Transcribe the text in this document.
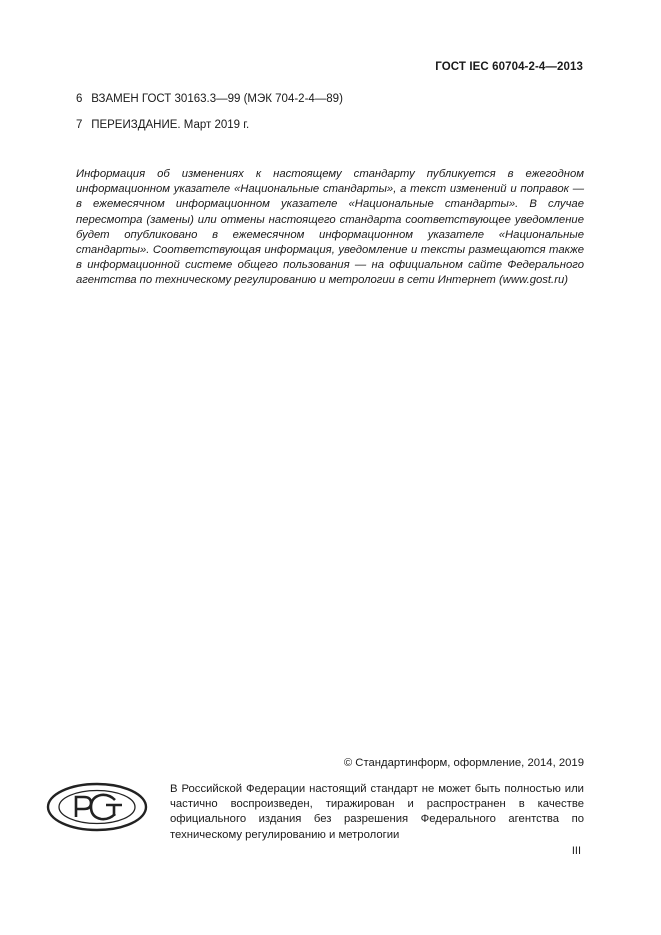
ГОСТ IEC 60704-2-4—2013
6 ВЗАМЕН ГОСТ 30163.3—99 (МЭК 704-2-4—89)
7 ПЕРЕИЗДАНИЕ. Март 2019 г.
Информация об изменениях к настоящему стандарту публикуется в ежегодном информационном указателе «Национальные стандарты», а текст изменений и поправок — в ежемесячном информационном указателе «Национальные стандарты». В случае пересмотра (замены) или отмены настоящего стандарта соответствующее уведомление будет опубликовано в ежемесячном информационном указателе «Национальные стандарты». Соответствующая информация, уведомление и тексты размещаются также в информационной системе общего пользования — на официальном сайте Федерального агентства по техническому регулированию и метрологии в сети Интернет (www.gost.ru)
© Стандартинформ, оформление, 2014, 2019
В Российской Федерации настоящий стандарт не может быть полностью или частично воспроизведен, тиражирован и распространен в качестве официального издания без разрешения Федерального агентства по техническому регулированию и метрологии
III
